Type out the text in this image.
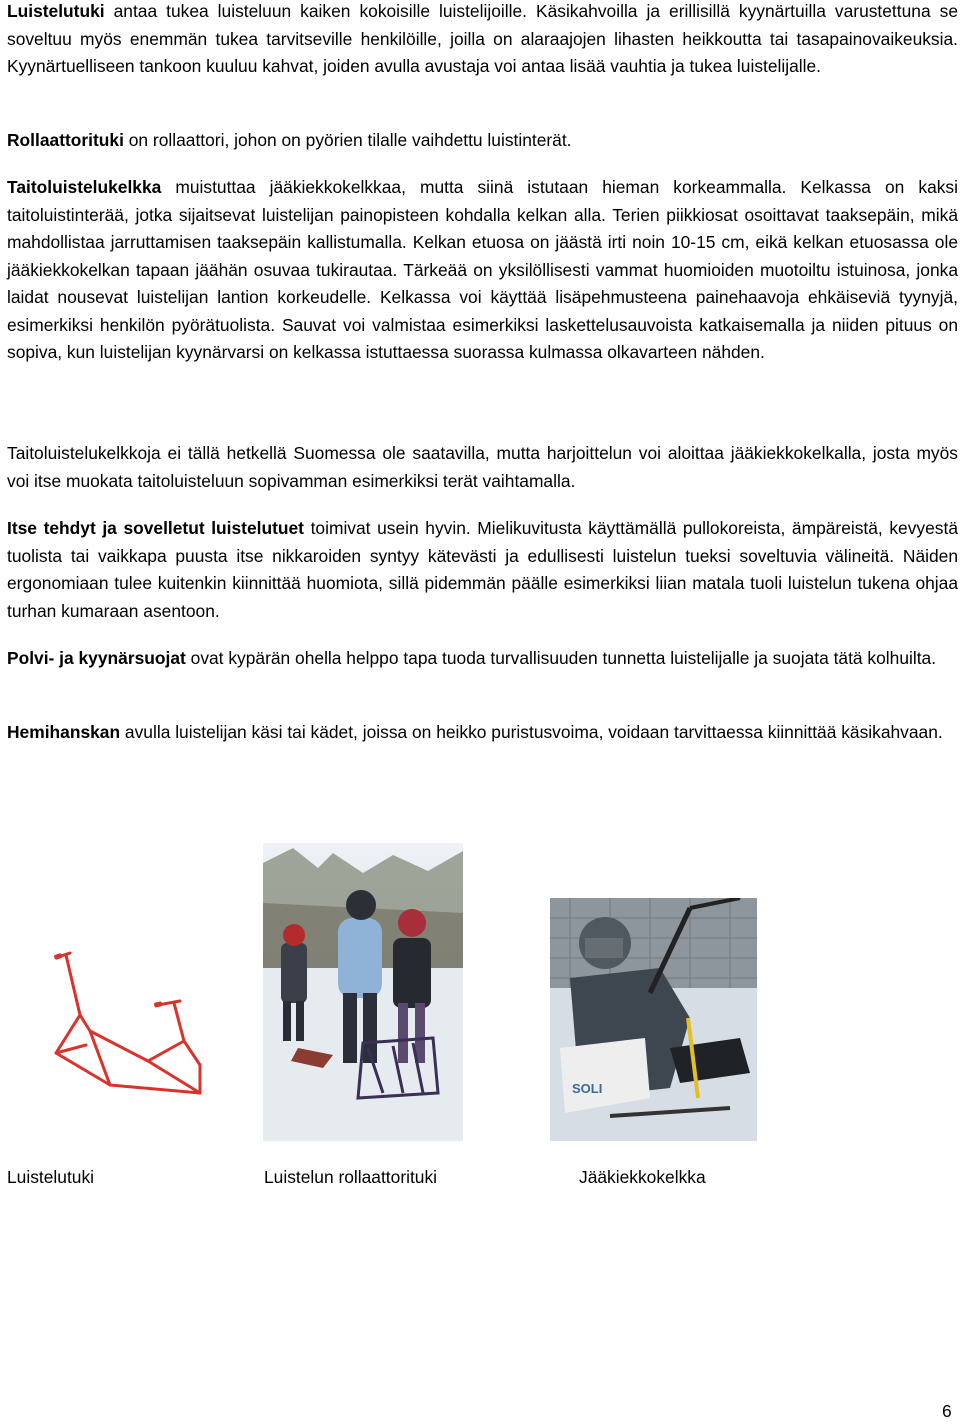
Luistelutuki antaa tukea luisteluun kaiken kokoisille luistelijoille. Käsikahvoilla ja erillisillä kyynärtuilla varustettuna se soveltuu myös enemmän tukea tarvitseville henkilöille, joilla on alaraajojen lihasten heikkoutta tai tasapainovaikeuksia. Kyynärtuelliseen tankoon kuuluu kahvat, joiden avulla avustaja voi antaa lisää vauhtia ja tukea luistelijalle.

Rollaattorituki on rollaattori, johon on pyörien tilalle vaihdettu luistinterät.

Taitoluistelukelkka muistuttaa jääkiekkokelkkaa, mutta siinä istutaan hieman korkeammalla. Kelkassa on kaksi taitoluistinterää, jotka sijaitsevat luistelijan painopisteen kohdalla kelkan alla. Terien piikkiosat osoittavat taaksepäin, mikä mahdollistaa jarruttamisen taaksepäin kallistumalla. Kelkan etuosa on jäästä irti noin 10-15 cm, eikä kelkan etuosassa ole jääkiekkokelkan tapaan jäähän osuvaa tukirautaa. Tärkeää on yksilöllisesti vammat huomioiden muotoiltu istuinosa, jonka laidat nousevat luistelijan lantion korkeudelle. Kelkassa voi käyttää lisäpehmusteena painehaavoja ehkäiseviä tyynyjä, esimerkiksi henkilön pyörätuolista. Sauvat voi valmistaa esimerkiksi laskettelusauvoista katkaisemalla ja niiden pituus on sopiva, kun luistelijan kyynärvarsi on kelkassa istuttaessa suorassa kulmassa olkavarteen nähden.

Taitoluistelukelkkoja ei tällä hetkellä Suomessa ole saatavilla, mutta harjoittelun voi aloittaa jääkiekkokelkalla, josta myös voi itse muokata taitoluisteluun sopivamman esimerkiksi terät vaihtamalla.

Itse tehdyt ja sovelletut luistelutuet toimivat usein hyvin. Mielikuvitusta käyttämällä pullokoreista, ämpäreistä, kevyestä tuolista tai vaikkapa puusta itse nikkaroiden syntyy kätevästi ja edullisesti luistelun tueksi soveltuvia välineitä. Näiden ergonomiaan tulee kuitenkin kiinnittää huomiota, sillä pidemmän päälle esimerkiksi liian matala tuoli luistelun tukena ohjaa turhan kumaraan asentoon.

Polvi- ja kyynärsuojat ovat kypärän ohella helppo tapa tuoda turvallisuuden tunnetta luistelijalle ja suojata tätä kolhuilta.

Hemihanskan avulla luistelijan käsi tai kädet, joissa on heikko puristusvoima, voidaan tarvittaessa kiinnittää käsikahvaan.

SOLI
Luistelutuki	Luistelun rollaattorituki	Jääkiekkokelkka
6
